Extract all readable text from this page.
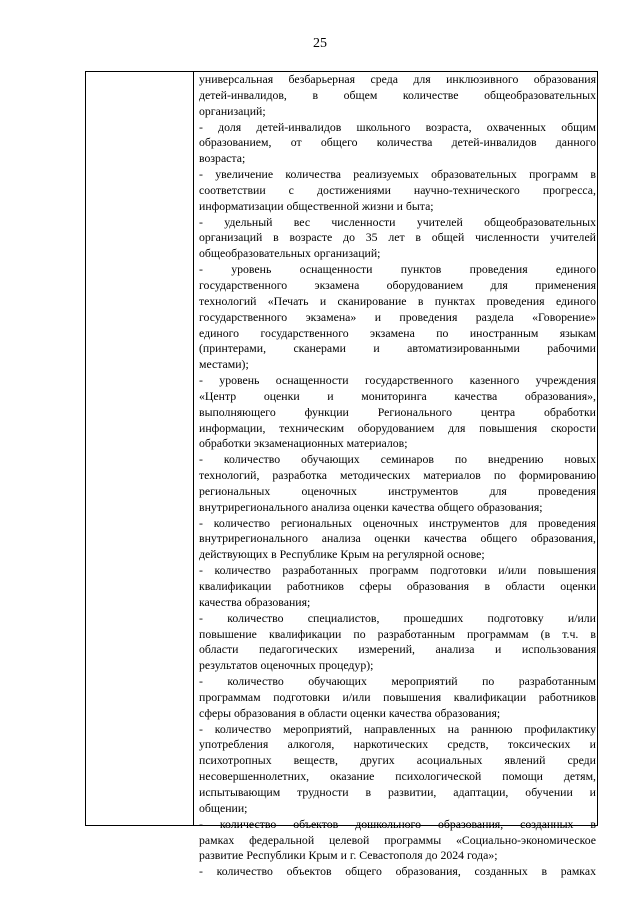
25
универсальная безбарьерная среда для инклюзивного образования
детей-инвалидов, в общем количестве общеобразовательных
организаций;
- доля детей-инвалидов школьного возраста, охваченных общим
образованием, от общего количества детей-инвалидов данного
возраста;
- увеличение количества реализуемых образовательных программ в
соответствии с достижениями научно-технического прогресса,
информатизации общественной жизни и быта;
- удельный вес численности учителей общеобразовательных
организаций в возрасте до 35 лет в общей численности учителей
общеобразовательных организаций;
- уровень оснащенности пунктов проведения единого
государственного экзамена оборудованием для применения
технологий «Печать и сканирование в пунктах проведения единого
государственного экзамена» и проведения раздела «Говорение»
единого государственного экзамена по иностранным языкам
(принтерами, сканерами и автоматизированными рабочими
местами);
- уровень оснащенности государственного казенного учреждения
«Центр оценки и мониторинга качества образования»,
выполняющего функции Регионального центра обработки
информации, техническим оборудованием для повышения скорости
обработки экзаменационных материалов;
- количество обучающих семинаров по внедрению новых
технологий, разработка методических материалов по формированию
региональных оценочных инструментов для проведения
внутрирегионального анализа оценки качества общего образования;
- количество региональных оценочных инструментов для проведения
внутрирегионального анализа оценки качества общего образования,
действующих в Республике Крым на регулярной основе;
- количество разработанных программ подготовки и/или повышения
квалификации работников сферы образования в области оценки
качества образования;
- количество специалистов, прошедших подготовку и/или
повышение квалификации по разработанным программам (в т.ч. в
области педагогических измерений, анализа и использования
результатов оценочных процедур);
- количество обучающих мероприятий по разработанным
программам подготовки и/или повышения квалификации работников
сферы образования в области оценки качества образования;
- количество мероприятий, направленных на раннюю профилактику
употребления алкоголя, наркотических средств, токсических и
психотропных веществ, других асоциальных явлений среди
несовершеннолетних, оказание психологической помощи детям,
испытывающим трудности в развитии, адаптации, обучении и
общении;
- количество объектов дошкольного образования, созданных в
рамках федеральной целевой программы «Социально-экономическое
развитие Республики Крым и г. Севастополя до 2024 года»;
- количество объектов общего образования, созданных в рамках
